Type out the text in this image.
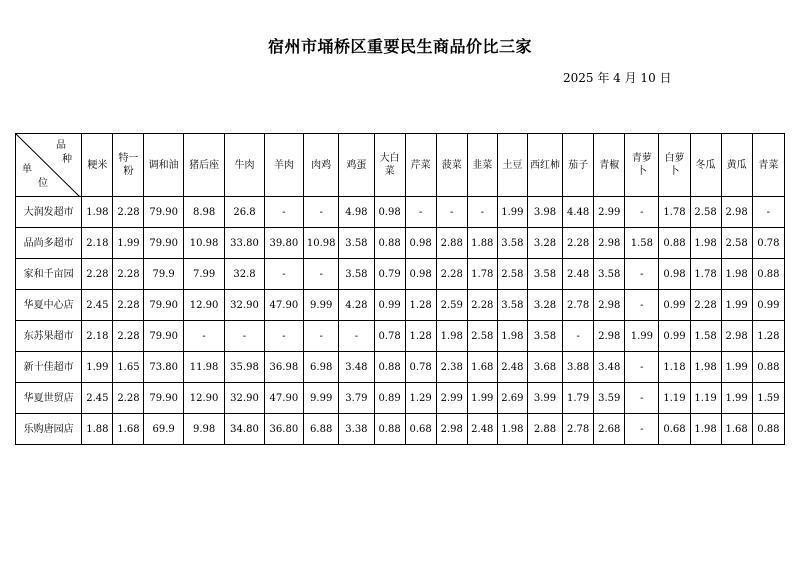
宿州市埇桥区重要民生商品价比三家
2025 年 4 月 10 日
品
种
单
位	粳米	特一粉	调和油	猪后座	牛肉	羊肉	肉鸡	鸡蛋	大白菜	芹菜	菠菜	韭菜	土豆	西红柿	茄子	青椒	青萝卜	白萝卜	冬瓜	黄瓜	青菜

大润发超市	1.98	2.28	79.90	8.98	26.8	-	-	4.98	0.98	-	-	-	1.99	3.98	4.48	2.99	-	1.78	2.58	2.98	-
品尚多超市	2.18	1.99	79.90	10.98	33.80	39.80	10.98	3.58	0.88	0.98	2.88	1.88	3.58	3.28	2.28	2.98	1.58	0.88	1.98	2.58	0.78
家和千亩园	2.28	2.28	79.9	7.99	32.8	-	-	3.58	0.79	0.98	2.28	1.78	2.58	3.58	2.48	3.58	-	0.98	1.78	1.98	0.88
华夏中心店	2.45	2.28	79.90	12.90	32.90	47.90	9.99	4.28	0.99	1.28	2.59	2.28	3.58	3.28	2.78	2.98	-	0.99	2.28	1.99	0.99
东苏果超市	2.18	2.28	79.90	-	-	-	-	-	0.78	1.28	1.98	2.58	1.98	3.58	-	2.98	1.99	0.99	1.58	2.98	1.28
新十佳超市	1.99	1.65	73.80	11.98	35.98	36.98	6.98	3.48	0.88	0.78	2.38	1.68	2.48	3.68	3.88	3.48	-	1.18	1.98	1.99	0.88
华夏世贸店	2.45	2.28	79.90	12.90	32.90	47.90	9.99	3.79	0.89	1.29	2.99	1.99	2.69	3.99	1.79	3.59	-	1.19	1.19	1.99	1.59
乐购唐园店	1.88	1.68	69.9	9.98	34.80	36.80	6.88	3.38	0.88	0.68	2.98	2.48	1.98	2.88	2.78	2.68	-	0.68	1.98	1.68	0.88
